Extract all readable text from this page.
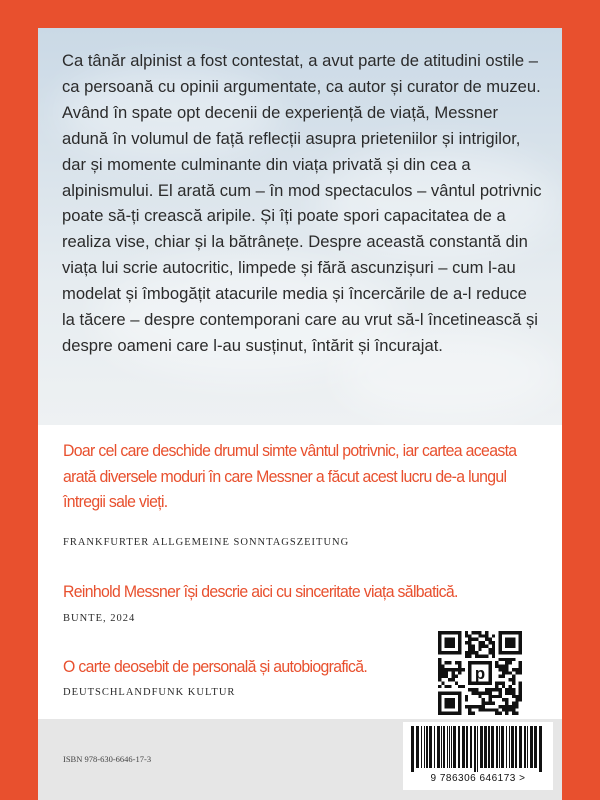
Ca tânăr alpinist a fost contestat, a avut parte de atitudini ostile – ca persoană cu opinii argumentate, ca autor și curator de muzeu. Având în spate opt decenii de experiență de viață, Messner adună în volumul de față reflecții asupra prieteniilor și intrigilor, dar și momente culminante din viața privată și din cea a alpinismului. El arată cum – în mod spectaculos – vântul potrivnic poate să-ți crească aripile. Și îți poate spori capacitatea de a realiza vise, chiar și la bătrânețe. Despre această constantă din viața lui scrie autocritic, limpede și fără ascunzișuri – cum l-au modelat și îmbogățit atacurile media și încercările de a-l reduce la tăcere – despre contemporani care au vrut să-l încetinească și despre oameni care l-au susținut, întărit și încurajat.

Doar cel care deschide drumul simte vântul potrivnic, iar cartea aceasta arată diversele moduri în care Messner a făcut acest lucru de-a lungul întregii sale vieți.

FRANKFURTER ALLGEMEINE SONNTAGSZEITUNG

Reinhold Messner își descrie aici cu sinceritate viața sălbatică.

BUNTE, 2024

O carte deosebit de personală și autobiografică.

DEUTSCHLANDFUNK KULTUR

p

ISBN 978-630-6646-17-3

9 786306 646173 >
